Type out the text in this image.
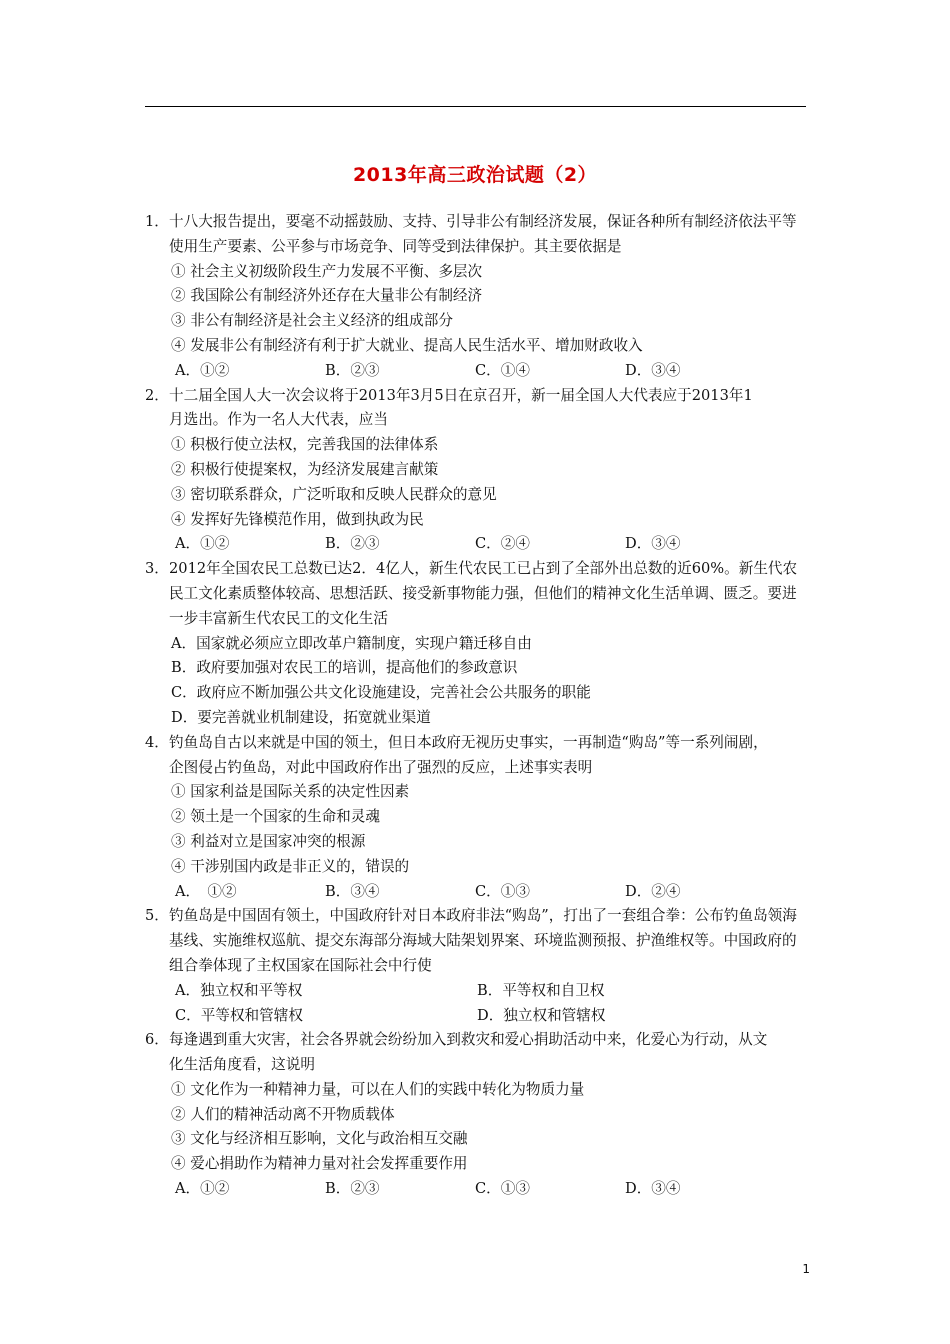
2013年高三政治试题（2）

1．十八大报告提出，要毫不动摇鼓励、支持、引导非公有制经济发展，保证各种所有制经济依法平等使用生产要素、公平参与市场竞争、同等受到法律保护。其主要依据是

① 社会主义初级阶段生产力发展不平衡、多层次

② 我国除公有制经济外还存在大量非公有制经济

③ 非公有制经济是社会主义经济的组成部分

④ 发展非公有制经济有利于扩大就业、提高人民生活水平、增加财政收入

A．①②	B．②③	C．①④	D．③④

2．十二届全国人大一次会议将于2013年3月5日在京召开，新一届全国人大代表应于2013年1月选出。作为一名人大代表，应当

① 积极行使立法权，完善我国的法律体系

② 积极行使提案权，为经济发展建言献策

③ 密切联系群众，广泛听取和反映人民群众的意见

④ 发挥好先锋模范作用，做到执政为民

A．①②	B．②③	C．②④	D．③④

3．2012年全国农民工总数已达2．4亿人，新生代农民工已占到了全部外出总数的近60%。新生代农民工文化素质整体较高、思想活跃、接受新事物能力强，但他们的精神文化生活单调、匮乏。要进一步丰富新生代农民工的文化生活

A．国家就必须应立即改革户籍制度，实现户籍迁移自由

B．政府要加强对农民工的培训，提高他们的参政意识

C．政府应不断加强公共文化设施建设，完善社会公共服务的职能

D．要完善就业机制建设，拓宽就业渠道

4．钓鱼岛自古以来就是中国的领土，但日本政府无视历史事实，一再制造“购岛”等一系列闹剧，企图侵占钓鱼岛，对此中国政府作出了强烈的反应，上述事实表明

① 国家利益是国际关系的决定性因素

② 领土是一个国家的生命和灵魂

③ 利益对立是国家冲突的根源

④ 干涉别国内政是非正义的，错误的

A．　①②	B．③④	C．①③	D．②④

5．钓鱼岛是中国固有领土，中国政府针对日本政府非法“购岛”，打出了一套组合拳：公布钓鱼岛领海基线、实施维权巡航、提交东海部分海域大陆架划界案、环境监测预报、护渔维权等。中国政府的组合拳体现了主权国家在国际社会中行使

A．独立权和平等权	B．平等权和自卫权
C．平等权和管辖权	D．独立权和管辖权

6．每逢遇到重大灾害，社会各界就会纷纷加入到救灾和爱心捐助活动中来，化爱心为行动，从文化生活角度看，这说明

① 文化作为一种精神力量，可以在人们的实践中转化为物质力量

② 人们的精神活动离不开物质载体

③ 文化与经济相互影响，文化与政治相互交融

④ 爱心捐助作为精神力量对社会发挥重要作用

A．①②	B．②③	C．①③	D．③④
1
